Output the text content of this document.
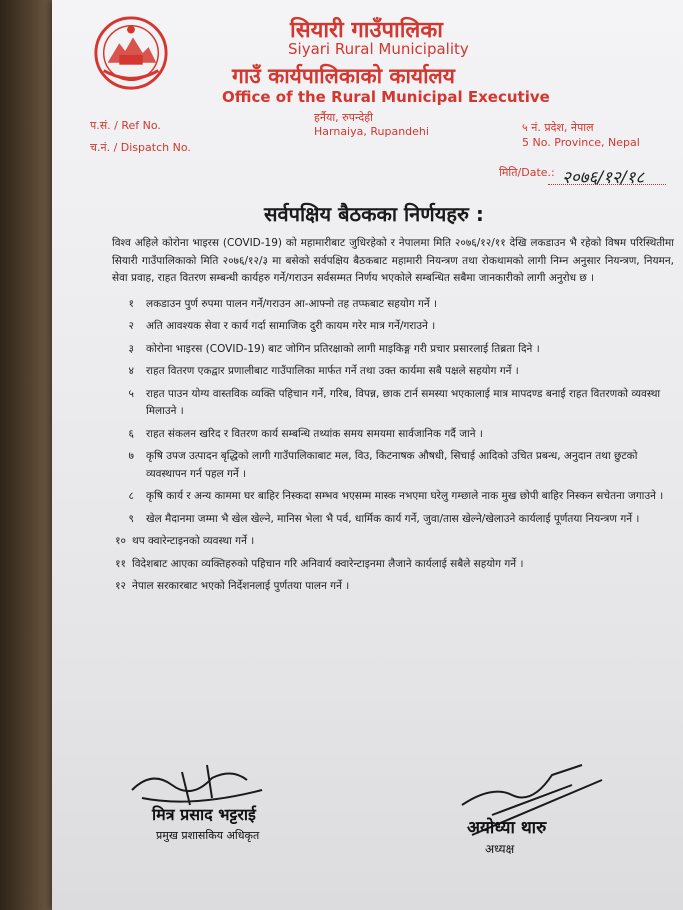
सियारी गाउँपालिका
Siyari Rural Municipality
गाउँ कार्यपालिकाको कार्यालय
Office of the Rural Municipal Executive
हर्नैया, रुपन्देही
Harnaiya, Rupandehi
प.सं. / Ref No.
च.नं. / Dispatch No.
५ नं. प्रदेश, नेपाल
5 No. Province, Nepal
मिति/Date.: २०७६/१२/१८
सर्वपक्षिय बैठकका निर्णयहरु :

विश्व अहिले कोरोना भाइरस (COVID-19) को महामारीबाट जुधिरहेको र नेपालमा मिति २०७६/१२/११ देखि लकडाउन भै रहेको विषम परिस्थितीमा सियारी गाउँपालिकाको मिति २०७६/१२/३ मा बसेको सर्वपक्षिय बैठकबाट महामारी नियन्त्रण तथा रोकथामको लागी निम्न अनुसार नियन्त्रण, नियमन, सेवा प्रवाह, राहत वितरण सम्बन्धी कार्यहरु गर्ने/गराउन सर्वसम्मत निर्णय भएकोले सम्बन्धित सबैमा जानकारीको लागी अनुरोध छ ।

१	लकडाउन पुर्ण रुपमा पालन गर्ने/गराउन आ-आफ्नो तह तप्फबाट सहयोग गर्ने ।
२	अति आवश्यक सेवा र कार्य गर्दा सामाजिक दुरी कायम गरेर मात्र गर्ने/गराउने ।
३	कोरोना भाइरस (COVID-19) बाट जोगिन प्रतिरक्षाको लागी माइकिङ्ग गरी प्रचार प्रसारलाई तिब्रता दिने ।
४	राहत वितरण एकद्वार प्रणालीबाट गाउँपालिका मार्फत गर्ने तथा उक्त कार्यमा सबै पक्षले सहयोग गर्ने ।
५	राहत पाउन योग्य वास्तविक व्यक्ति पहिचान गर्ने, गरिब, विपन्न, छाक टार्न समस्या भएकालाई मात्र मापदण्ड बनाई राहत वितरणको व्यवस्था मिलाउने ।
६	राहत संकलन खरिद र वितरण कार्य सम्बन्धि तथ्यांक समय समयमा सार्वजानिक गर्दै जाने ।
७	कृषि उपज उत्पादन बृद्धिको लागी गाउँपालिकाबाट मल, विउ, किटनाषक औषधी, सिचाई आदिको उचित प्रबन्ध, अनुदान तथा छुटको व्यवस्थापन गर्न पहल गर्ने ।
८	कृषि कार्य र अन्य काममा घर बाहिर निस्कदा सम्भव भएसम्म मास्क नभएमा घरेलु गम्छाले नाक मुख छोपी बाहिर निस्कन सचेतना जगाउने ।
९	खेल मैदानमा जम्मा भै खेल खेल्ने, मानिस भेला भै पर्व, धार्मिक कार्य गर्ने, जुवा/तास खेल्ने/खेलाउने कार्यलाई पूर्णतया नियन्त्रण गर्ने ।
१० थप क्वारेन्टाइनको व्यवस्था गर्ने ।
११ विदेशबाट आएका व्यक्तिहरुको पहिचान गरि अनिवार्य क्वारेन्टाइनमा लैजाने कार्यलाई सबैले सहयोग गर्ने ।
१२ नेपाल सरकारबाट भएको निर्देशनलाई पुर्णतया पालन गर्ने ।
मित्र प्रसाद भट्टराई
प्रमुख प्रशासकिय अधिकृत	अयोध्या थारु
अध्यक्ष
